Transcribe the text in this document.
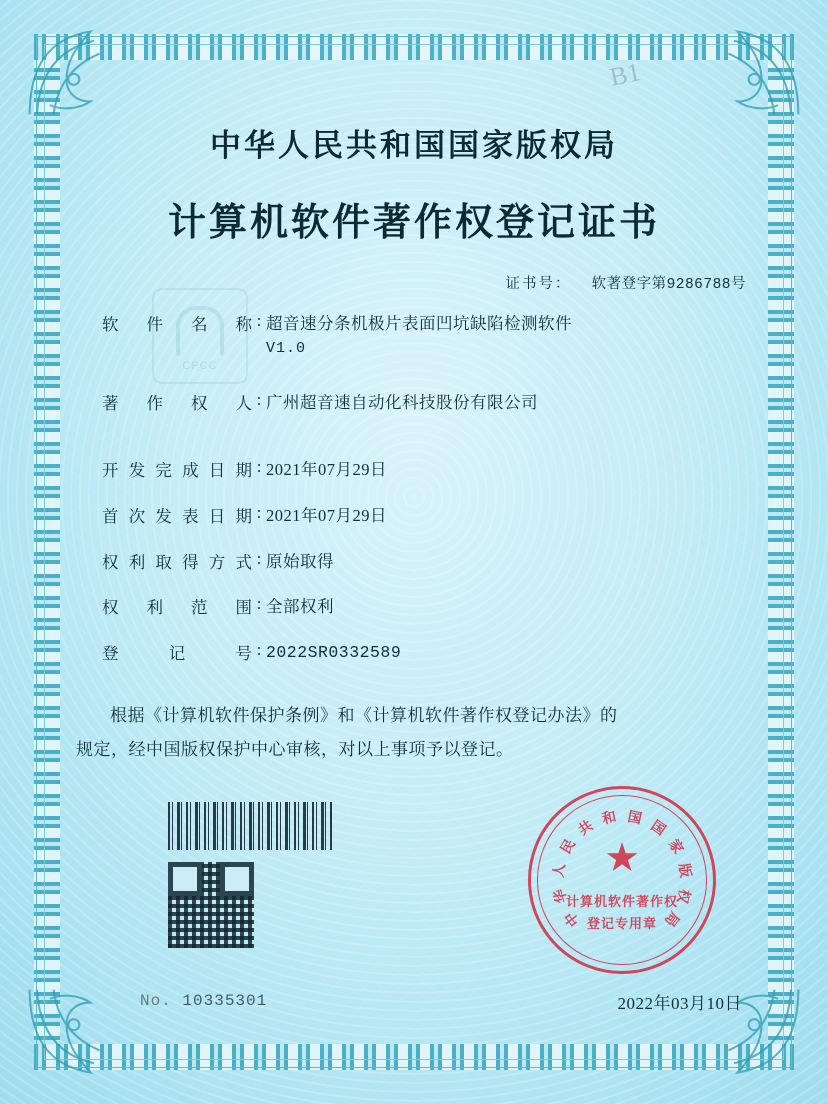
B1
中华人民共和国国家版权局
计算机软件著作权登记证书
证书号： 软著登字第9286788号
CPCC
软件名称 : 超音速分条机极片表面凹坑缺陷检测软件
V1.0
著作权人 : 广州超音速自动化科技股份有限公司
开发完成日期 : 2021年07月29日
首次发表日期 : 2021年07月29日
权利取得方式 : 原始取得
权利范围 : 全部权利
登记号 : 2022SR0332589

根据《计算机软件保护条例》和《计算机软件著作权登记办法》的

规定，经中国版权保护中心审核，对以上事项予以登记。

No. 10335301	2022年03月10日
中
华
人
民
共 和 国 国
家
版
权
局
★
计算机软件著作权
登记专用章
